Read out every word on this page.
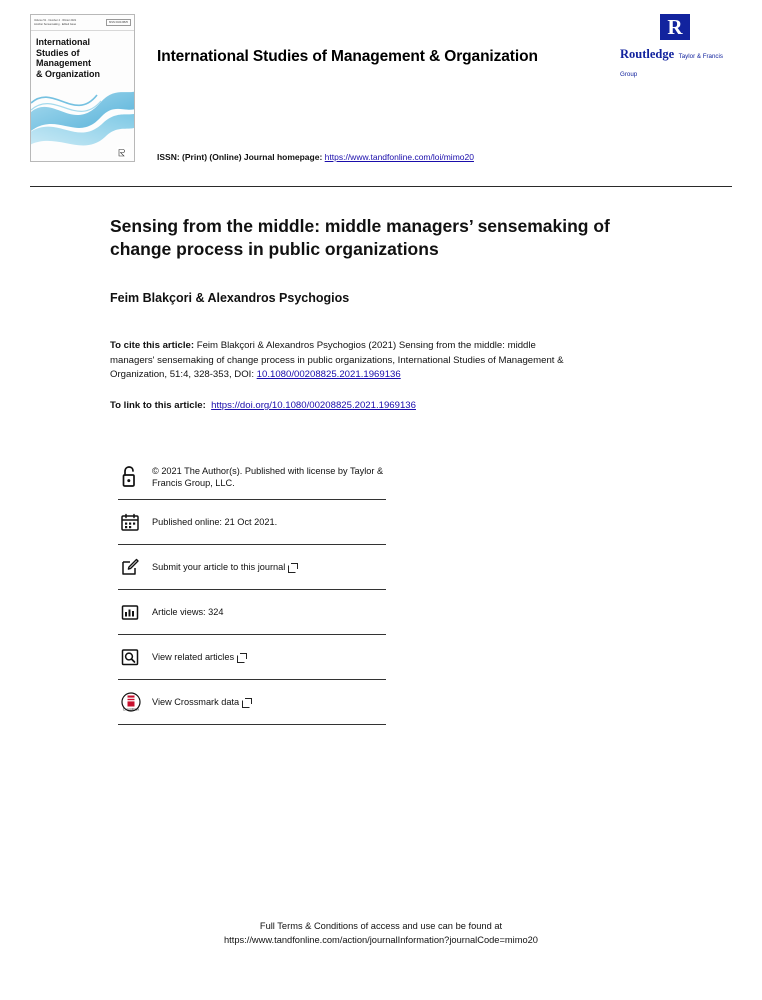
Volume 51 · Number 4 · Winter 2021
Another Sensemaking · Edited Issue	ISSN 0020-8825
International
Studies of
Management
& Organization
R
Routledge Taylor & Francis Group
International Studies of Management & Organization
ISSN: (Print) (Online) Journal homepage: https://www.tandfonline.com/loi/mimo20
Sensing from the middle: middle managers’ sensemaking of change process in public organizations
Feim Blakçori & Alexandros Psychogios
To cite this article: Feim Blakçori & Alexandros Psychogios (2021) Sensing from the middle: middle managers' sensemaking of change process in public organizations, International Studies of Management & Organization, 51:4, 328-353, DOI: 10.1080/00208825.2021.1969136
To link to this article: https://doi.org/10.1080/00208825.2021.1969136
© 2021 The Author(s). Published with license by Taylor & Francis Group, LLC.
Published online: 21 Oct 2021.
Submit your article to this journal
Article views: 324
View related articles
CrossMark
View Crossmark data
Full Terms & Conditions of access and use can be found at
https://www.tandfonline.com/action/journalInformation?journalCode=mimo20
